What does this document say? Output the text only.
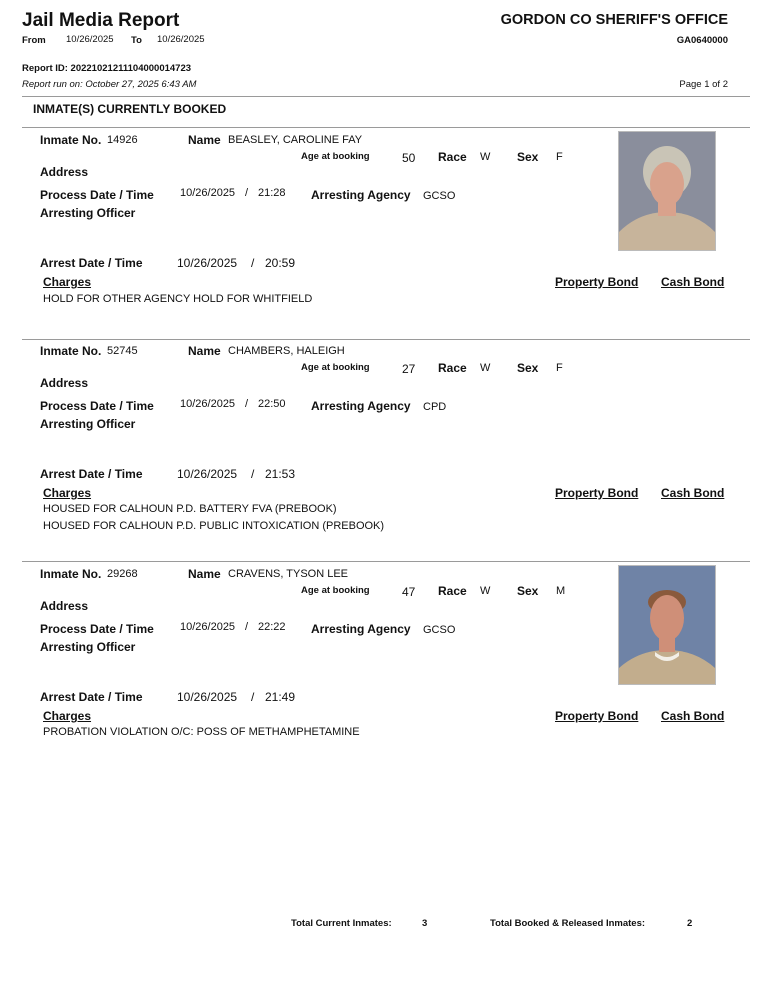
Jail Media Report
From 10/26/2025 To 10/26/2025
GORDON CO SHERIFF'S OFFICE
GA0640000
Report ID: 20221021211104000014723
Report run on: October 27, 2025 6:43 AM	Page 1 of 2
INMATE(S) CURRENTLY BOOKED
Inmate No. 14926	Name BEASLEY, CAROLINE FAY
Age at booking	50 Race W Sex F
Address
Process Date / Time 10/26/2025 / 21:28 Arresting Agency GCSO
Arresting Officer
Arrest Date / Time	10/26/2025 / 20:59
Charges	Property Bond Cash Bond
HOLD FOR OTHER AGENCY HOLD FOR WHITFIELD
Inmate No. 52745	Name CHAMBERS, HALEIGH
Age at booking	27 Race W Sex F
Address
Process Date / Time 10/26/2025 / 22:50 Arresting Agency CPD
Arresting Officer
Arrest Date / Time	10/26/2025 / 21:53
Charges	Property Bond Cash Bond
HOUSED FOR CALHOUN P.D. BATTERY FVA (PREBOOK)
HOUSED FOR CALHOUN P.D. PUBLIC INTOXICATION (PREBOOK)
Inmate No. 29268	Name CRAVENS, TYSON LEE
Age at booking	47 Race W Sex M
Address
Process Date / Time 10/26/2025 / 22:22 Arresting Agency GCSO
Arresting Officer
Arrest Date / Time	10/26/2025 / 21:49
Charges	Property Bond Cash Bond
PROBATION VIOLATION O/C: POSS OF METHAMPHETAMINE
Total Current Inmates:	3	Total Booked & Released Inmates:	2
